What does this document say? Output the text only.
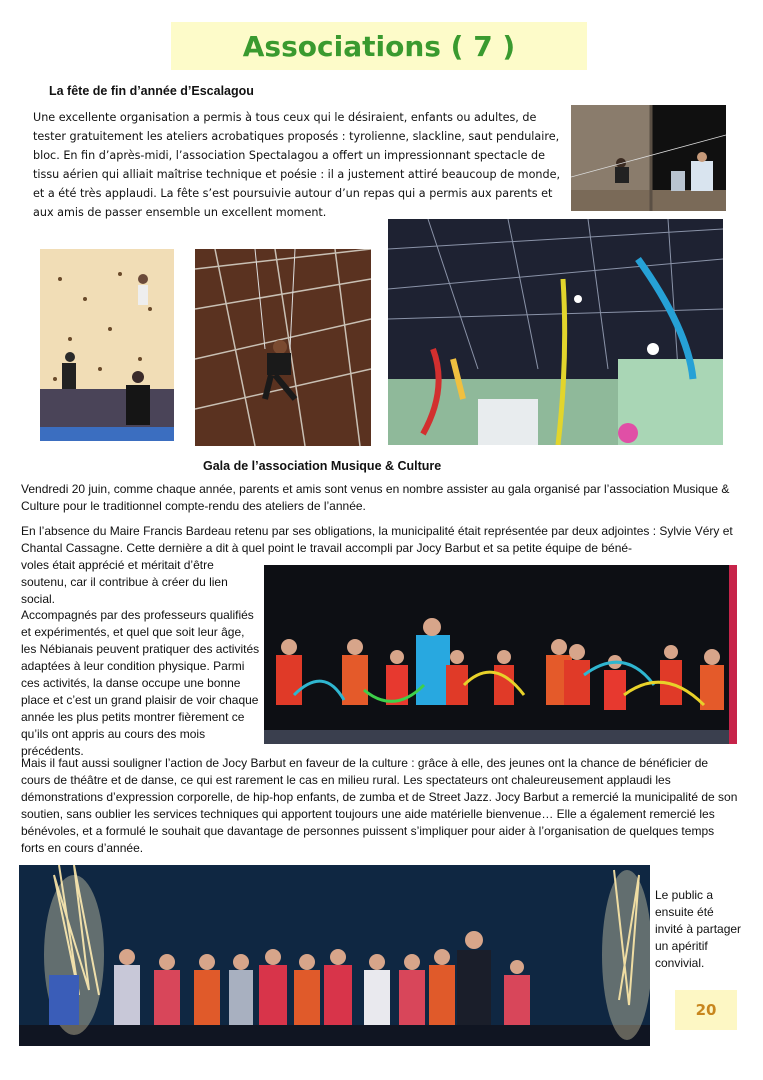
Associations ( 7 )
La fête de fin d’année d’Escalagou
Une excellente organisation a permis à tous ceux qui le désiraient, enfants ou adultes, de tester gratuitement les ateliers acrobatiques proposés : tyrolienne, slackline, saut pendulaire, bloc. En fin d’après-midi, l’association Spectalagou a offert un impressionnant spectacle de tissu aérien qui alliait maîtrise technique et poésie : il a justement attiré beaucoup de monde, et a été très applaudi. La fête s’est poursuivie autour d’un repas qui a permis aux parents et aux amis de passer ensemble un excellent moment.
Gala de l’association Musique & Culture
Vendredi 20 juin, comme chaque année, parents et amis sont venus en nombre assister au gala organisé par l’association Musique & Culture pour le traditionnel compte-rendu des ateliers de l’année.
En l’absence du Maire Francis Bardeau retenu par ses obligations, la municipalité était représentée par deux adjointes : Sylvie Véry et Chantal Cassagne. Cette dernière a dit à quel point le travail accompli par Jocy Barbut et sa petite équipe de béné-
voles était apprécié et méritait d’être soutenu, car il contribue à créer du lien social.
Accompagnés par des professeurs qualifiés et expérimentés, et quel que soit leur âge, les Nébianais peuvent pratiquer des activités adaptées à leur condition physique. Parmi ces activités, la danse occupe une bonne place et c’est un grand plaisir de voir chaque année les plus petits montrer fièrement ce qu’ils ont appris au cours des mois précédents.
Mais il faut aussi souligner l’action de Jocy Barbut en faveur de la culture : grâce à elle, des jeunes ont la chance de bénéficier de cours de théâtre et de danse, ce qui est rarement le cas en milieu rural. Les spectateurs ont chaleureusement applaudi les démonstrations d’expression corporelle, de hip-hop enfants, de zumba et de Street Jazz. Jocy Barbut a remercié la municipalité de son soutien, sans oublier les services techniques qui apportent toujours une aide matérielle bienvenue… Elle a également remercié les bénévoles, et a formulé le souhait que davantage de personnes puissent s’impliquer pour aider à l’organisation de quelques temps forts en cours d’année.
Le public a ensuite été invité à partager un apéritif convivial.
20
